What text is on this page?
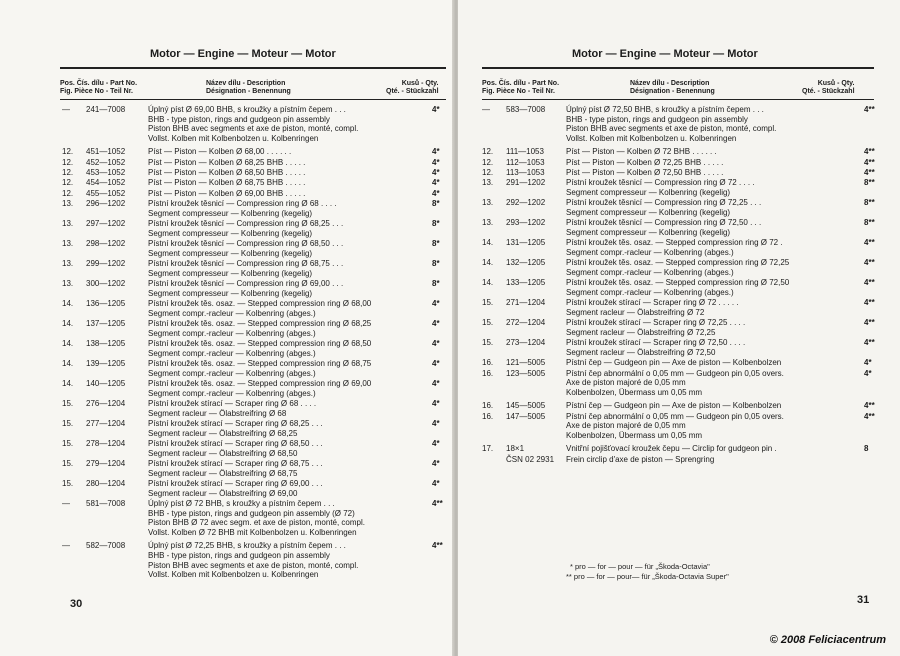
Motor — Engine — Moteur — Motor
Pos. Čís. dílu - Part No.
Fig. Pièce No - Teil Nr.
Název dílu - Description
Désignation - Benennung
Kusů - Qty.
Qté. - Stückzahl
—	241—7008	Úplný píst Ø 69,00 BHB, s kroužky a pístním čepem . . .
BHB - type piston, rings and gudgeon pin assembly
Piston BHB avec segments et axe de piston, monté, compl.
Vollst. Kolben mit Kolbenbolzen u. Kolbenringen
4*
12.	451—1052	Píst — Piston — Kolben Ø 68,00 . . . . . .	4*
12.	452—1052	Píst — Piston — Kolben Ø 68,25 BHB . . . . .	4*
12.	453—1052	Píst — Piston — Kolben Ø 68,50 BHB . . . . .	4*
12.	454—1052	Píst — Piston — Kolben Ø 68,75 BHB . . . . .	4*
12.	455—1052	Píst — Piston — Kolben Ø 69,00 BHB . . . . .	4*
13.	296—1202	Pístní kroužek těsnicí — Compression ring Ø 68 . . . .
Segment compresseur — Kolbenring (kegelig)
8*
13.	297—1202	Pístní kroužek těsnicí — Compression ring Ø 68,25 . . .
Segment compresseur — Kolbenring (kegelig)
8*
13.	298—1202	Pístní kroužek těsnicí — Compression ring Ø 68,50 . . .
Segment compresseur — Kolbenring (kegelig)
8*
13.	299—1202	Pístní kroužek těsnicí — Compression ring Ø 68,75 . . .
Segment compresseur — Kolbenring (kegelig)
8*
13.	300—1202	Pístní kroužek těsnicí — Compression ring Ø 69,00 . . .
Segment compresseur — Kolbenring (kegelig)
8*
14.	136—1205	Pístní kroužek těs. osaz. — Stepped compression ring Ø 68,00
Segment compr.-racleur — Kolbenring (abges.)
4*
14.	137—1205	Pístní kroužek těs. osaz. — Stepped compression ring Ø 68,25
Segment compr.-racleur — Kolbenring (abges.)
4*
14.	138—1205	Pístní kroužek těs. osaz. — Stepped compression ring Ø 68,50
Segment compr.-racleur — Kolbenring (abges.)
4*
14.	139—1205	Pístní kroužek těs. osaz. — Stepped compression ring Ø 68,75
Segment compr.-racleur — Kolbenring (abges.)
4*
14.	140—1205	Pístní kroužek těs. osaz. — Stepped compression ring Ø 69,00
Segment compr.-racleur — Kolbenring (abges.)
4*
15.	276—1204	Pístní kroužek stírací — Scraper ring Ø 68 . . . .
Segment racleur — Ölabstreifring Ø 68
4*
15.	277—1204	Pístní kroužek stírací — Scraper ring Ø 68,25 . . .
Segment racleur — Ölabstreifring Ø 68,25
4*
15.	278—1204	Pístní kroužek stírací — Scraper ring Ø 68,50 . . .
Segment racleur — Ölabstreifring Ø 68,50
4*
15.	279—1204	Pístní kroužek stírací — Scraper ring Ø 68,75 . . .
Segment racleur — Ölabstreifring Ø 68,75
4*
15.	280—1204	Pístní kroužek stírací — Scraper ring Ø 69,00 . . .
Segment racleur — Ölabstreifring Ø 69,00
4*
—	581—7008	Úplný píst Ø 72 BHB, s kroužky a pístním čepem . . .
BHB - type piston, rings and gudgeon pin assembly (Ø 72)
Piston BHB Ø 72 avec segm. et axe de piston, monté, compl.
Vollst. Kolben Ø 72 BHB mit Kolbenbolzen u. Kolbenringen
4**
—	582—7008	Úplný píst Ø 72,25 BHB, s kroužky a pístním čepem . . .
BHB - type piston, rings and gudgeon pin assembly
Piston BHB avec segments et axe de piston, monté, compl.
Vollst. Kolben mit Kolbenbolzen u. Kolbenringen
4**
30
Motor — Engine — Moteur — Motor
Pos. Čís. dílu - Part No.
Fig. Pièce No - Teil Nr.
Název dílu - Description
Désignation - Benennung
Kusů - Qty.
Qté. - Stückzahl
—	583—7008	Úplný píst Ø 72,50 BHB, s kroužky a pístním čepem . . .
BHB - type piston, rings and gudgeon pin assembly
Piston BHB avec segments et axe de piston, monté, compl.
Vollst. Kolben mit Kolbenbolzen u. Kolbenringen
4**
12.	111—1053	Píst — Piston — Kolben Ø 72 BHB . . . . . .	4**
12.	112—1053	Píst — Piston — Kolben Ø 72,25 BHB . . . . .	4**
12.	113—1053	Píst — Piston — Kolben Ø 72,50 BHB . . . . .	4**
13.	291—1202	Pístní kroužek těsnicí — Compression ring Ø 72 . . . .
Segment compresseur — Kolbenring (kegelig)
8**
13.	292—1202	Pístní kroužek těsnicí — Compression ring Ø 72,25 . . .
Segment compresseur — Kolbenring (kegelig)
8**
13.	293—1202	Pístní kroužek těsnicí — Compression ring Ø 72,50 . . .
Segment compresseur — Kolbenring (kegelig)
8**
14.	131—1205	Pístní kroužek těs. osaz. — Stepped compression ring Ø 72 .
Segment compr.-racleur — Kolbenring (abges.)
4**
14.	132—1205	Pístní kroužek těs. osaz. — Stepped compression ring Ø 72,25
Segment compr.-racleur — Kolbenring (abges.)
4**
14.	133—1205	Pístní kroužek těs. osaz. — Stepped compression ring Ø 72,50
Segment compr.-racleur — Kolbenring (abges.)
4**
15.	271—1204	Pístní kroužek stírací — Scraper ring Ø 72 . . . . .
Segment racleur — Ölabstreifring Ø 72
4**
15.	272—1204	Pístní kroužek stírací — Scraper ring Ø 72,25 . . . .
Segment racleur — Ölabstreifring Ø 72,25
4**
15.	273—1204	Pístní kroužek stírací — Scraper ring Ø 72,50 . . . .
Segment racleur — Ölabstreifring Ø 72,50
4**
16.	121—5005	Pístní čep — Gudgeon pin — Axe de piston — Kolbenbolzen	4*
16.	123—5005	Pístní čep abnormální o 0,05 mm — Gudgeon pin 0,05 overs.
Axe de piston majoré de 0,05 mm
Kolbenbolzen, Übermass um 0,05 mm
4*
16.	145—5005	Pístní čep — Gudgeon pin — Axe de piston — Kolbenbolzen	4**
16.	147—5005	Pístní čep abnormální o 0,05 mm — Gudgeon pin 0,05 overs.
Axe de piston majoré de 0,05 mm
Kolbenbolzen, Übermass um 0,05 mm
4**
17.	18×1	Vnitřní pojišťovací kroužek čepu — Circlip for gudgeon pin .	8
ČSN 02 2931	Frein circlip d'axe de piston — Sprengring
* pro — for — pour — für „Škoda-Octavia"
** pro — for — pour— für „Škoda-Octavia Super"
31
© 2008 Feliciacentrum
